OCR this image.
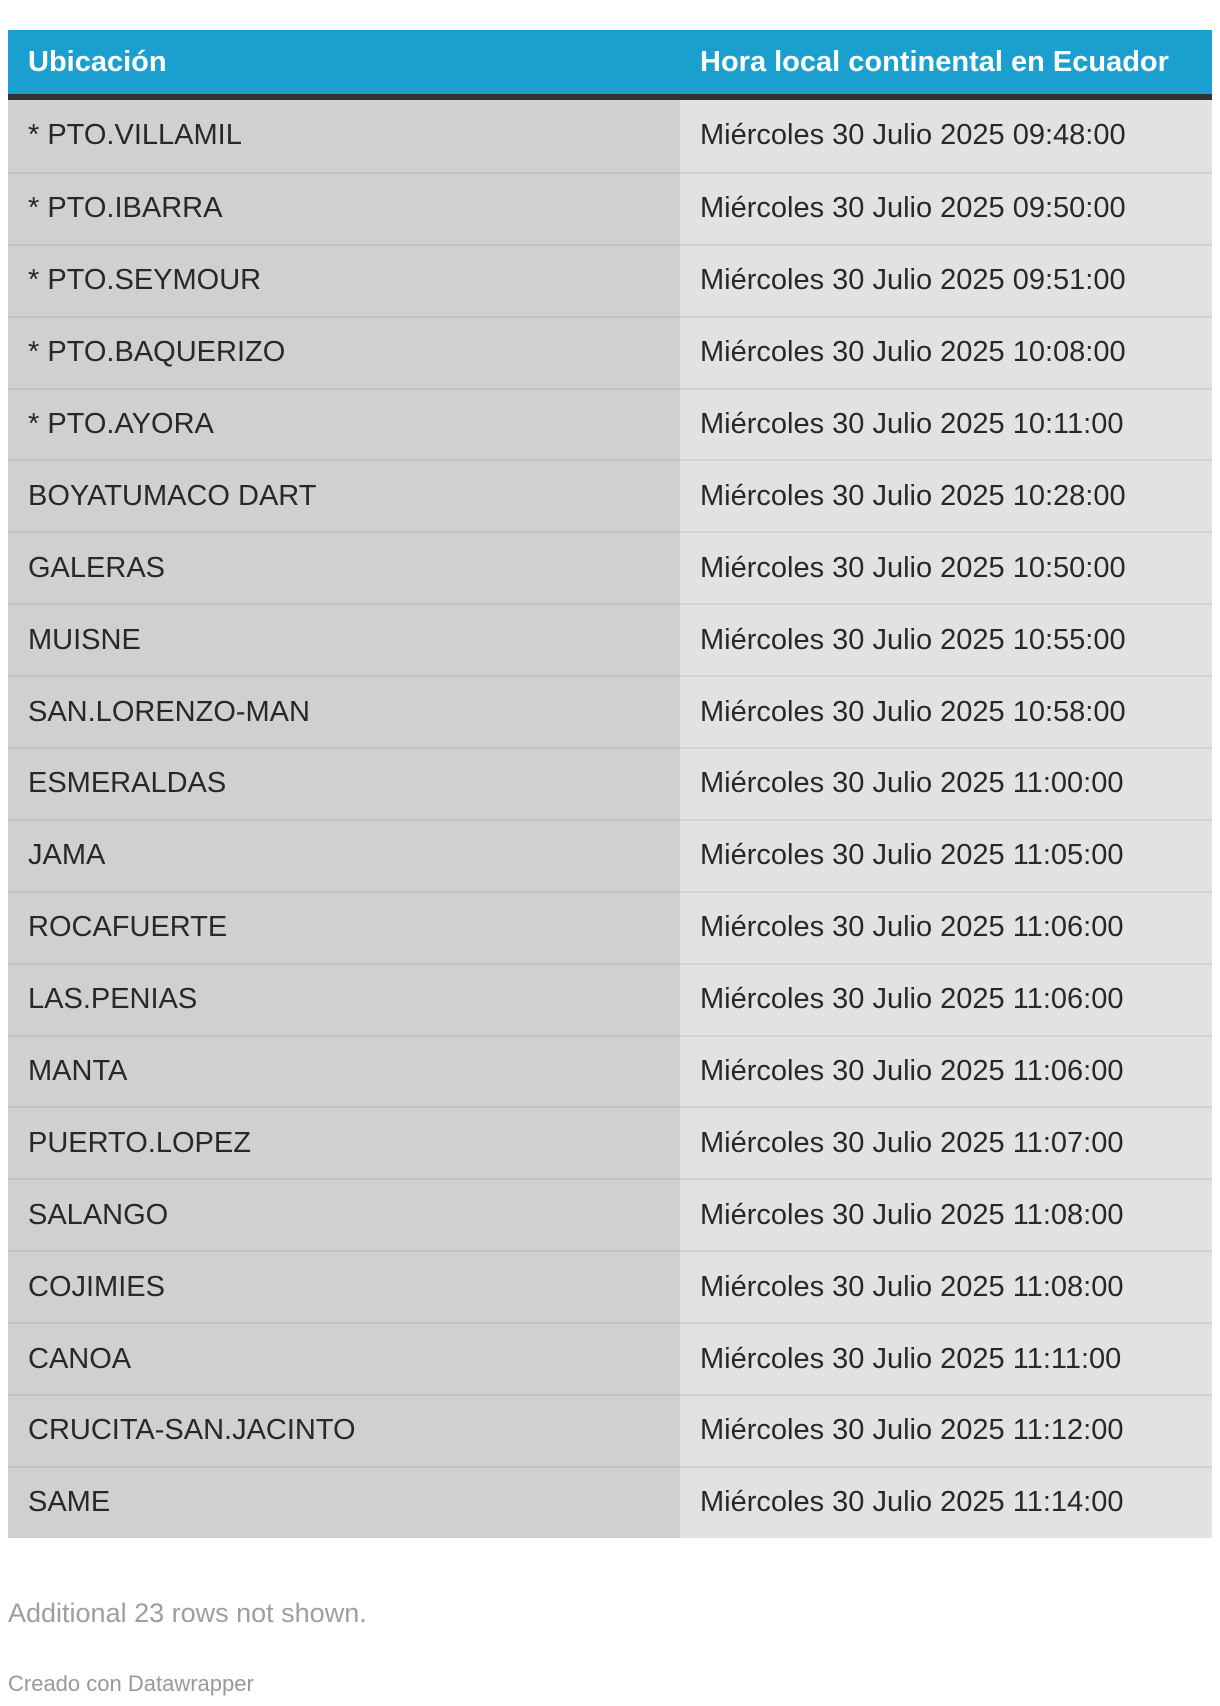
Ubicación	Hora local continental en Ecuador
* PTO.VILLAMIL	Miércoles 30 Julio 2025 09:48:00
* PTO.IBARRA	Miércoles 30 Julio 2025 09:50:00
* PTO.SEYMOUR	Miércoles 30 Julio 2025 09:51:00
* PTO.BAQUERIZO	Miércoles 30 Julio 2025 10:08:00
* PTO.AYORA	Miércoles 30 Julio 2025 10:11:00
BOYATUMACO DART	Miércoles 30 Julio 2025 10:28:00
GALERAS	Miércoles 30 Julio 2025 10:50:00
MUISNE	Miércoles 30 Julio 2025 10:55:00
SAN.LORENZO-MAN	Miércoles 30 Julio 2025 10:58:00
ESMERALDAS	Miércoles 30 Julio 2025 11:00:00
JAMA	Miércoles 30 Julio 2025 11:05:00
ROCAFUERTE	Miércoles 30 Julio 2025 11:06:00
LAS.PENIAS	Miércoles 30 Julio 2025 11:06:00
MANTA	Miércoles 30 Julio 2025 11:06:00
PUERTO.LOPEZ	Miércoles 30 Julio 2025 11:07:00
SALANGO	Miércoles 30 Julio 2025 11:08:00
COJIMIES	Miércoles 30 Julio 2025 11:08:00
CANOA	Miércoles 30 Julio 2025 11:11:00
CRUCITA-SAN.JACINTO	Miércoles 30 Julio 2025 11:12:00
SAME	Miércoles 30 Julio 2025 11:14:00
Additional 23 rows not shown.
Creado con Datawrapper
